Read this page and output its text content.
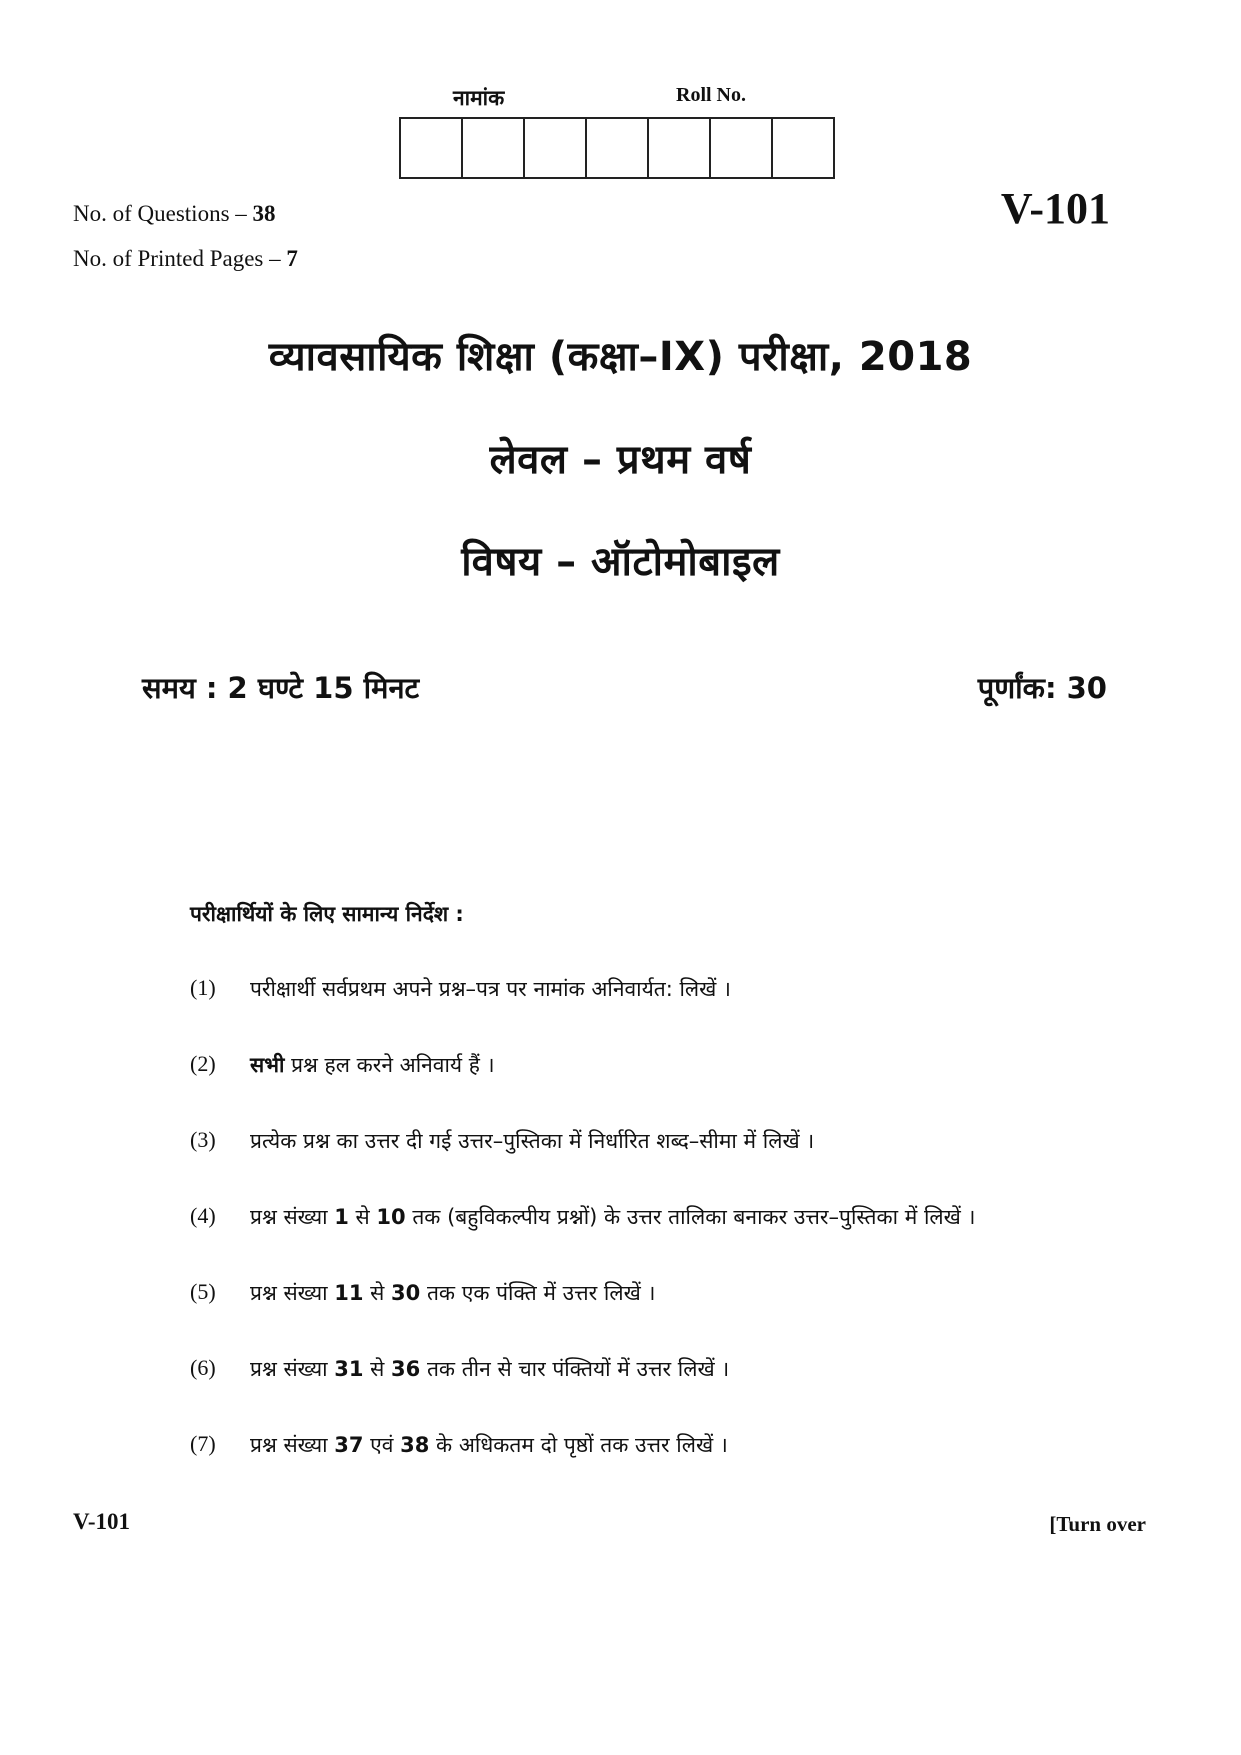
नामांक	Roll No.
No. of Questions – 38
No. of Printed Pages – 7
V-101
व्यावसायिक शिक्षा (कक्षा–IX) परीक्षा, 2018
लेवल – प्रथम वर्ष
विषय – ऑटोमोबाइल
समय : 2 घण्टे 15 मिनट	पूर्णांक: 30
परीक्षार्थियों के लिए सामान्य निर्देश :
(1)	परीक्षार्थी सर्वप्रथम अपने प्रश्न–पत्र पर नामांक अनिवार्यत: लिखें ।
(2)	सभी प्रश्न हल करने अनिवार्य हैं ।
(3)	प्रत्येक प्रश्न का उत्तर दी गई उत्तर–पुस्तिका में निर्धारित शब्द–सीमा में लिखें ।
(4)	प्रश्न संख्या 1 से 10 तक (बहुविकल्पीय प्रश्नों) के उत्तर तालिका बनाकर उत्तर–पुस्तिका में लिखें ।
(5)	प्रश्न संख्या 11 से 30 तक एक पंक्ति में उत्तर लिखें ।
(6)	प्रश्न संख्या 31 से 36 तक तीन से चार पंक्तियों में उत्तर लिखें ।
(7)	प्रश्न संख्या 37 एवं 38 के अधिकतम दो पृष्ठों तक उत्तर लिखें ।
V-101	[Turn over
